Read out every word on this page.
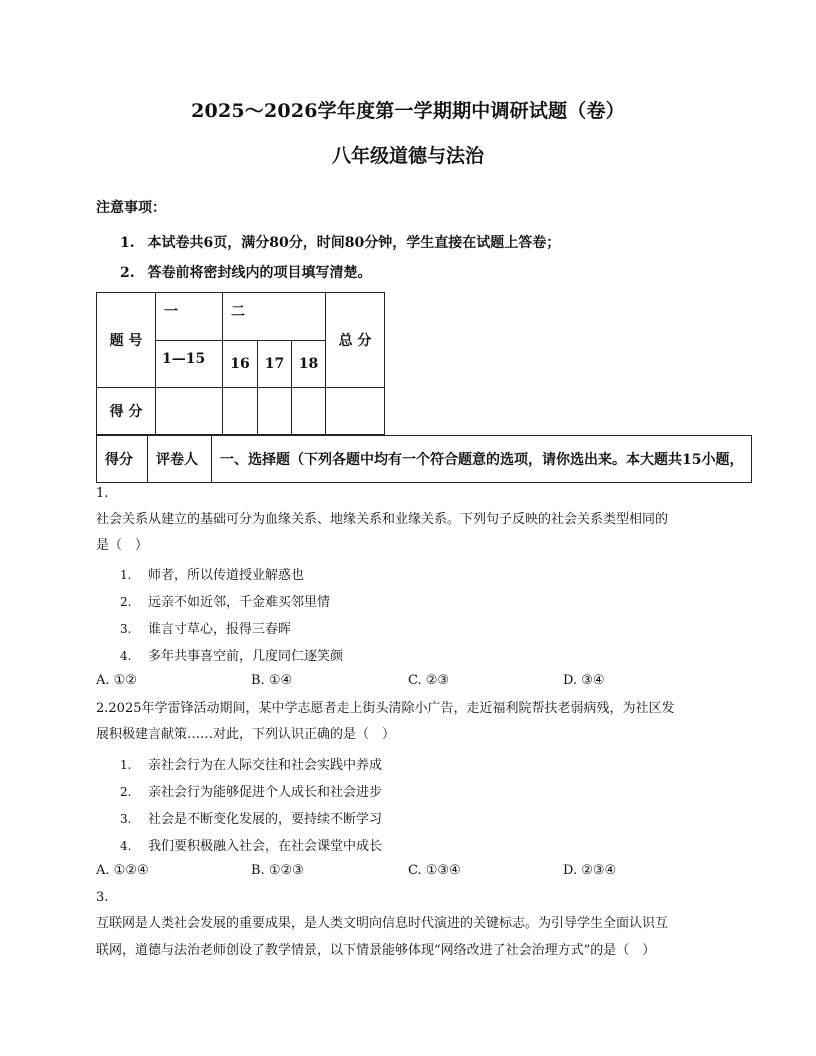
2025～2026学年度第一学期期中调研试题（卷）
八年级道德与法治
注意事项：
1. 本试卷共6页，满分80分，时间80分钟，学生直接在试题上答卷；
2. 答卷前将密封线内的项目填写清楚。
题 号	一	二			总 分
	1—15	16	17	18	
得 分					
得分	评卷人	一、选择题（下列各题中均有一个符合题意的选项，请你选出来。本大题共15小题，
1.
社会关系从建立的基础可分为血缘关系、地缘关系和业缘关系。下列句子反映的社会关系类型相同的
是（　）
1. 师者，所以传道授业解惑也
2. 远亲不如近邻，千金难买邻里情
3. 谁言寸草心，报得三春晖
4. 多年共事喜空前，几度同仁逐笑颜
A. ①②	B. ①④	C. ②③	D. ③④
2.2025年学雷锋活动期间，某中学志愿者走上街头清除小广告，走近福利院帮扶老弱病残，为社区发
展积极建言献策……对此，下列认识正确的是（　）
1. 亲社会行为在人际交往和社会实践中养成
2. 亲社会行为能够促进个人成长和社会进步
3. 社会是不断变化发展的，要持续不断学习
4. 我们要积极融入社会，在社会课堂中成长
A. ①②④	B. ①②③	C. ①③④	D. ②③④
3.
互联网是人类社会发展的重要成果，是人类文明向信息时代演进的关键标志。为引导学生全面认识互
联网，道德与法治老师创设了教学情景，以下情景能够体现“网络改进了社会治理方式”的是（　）
